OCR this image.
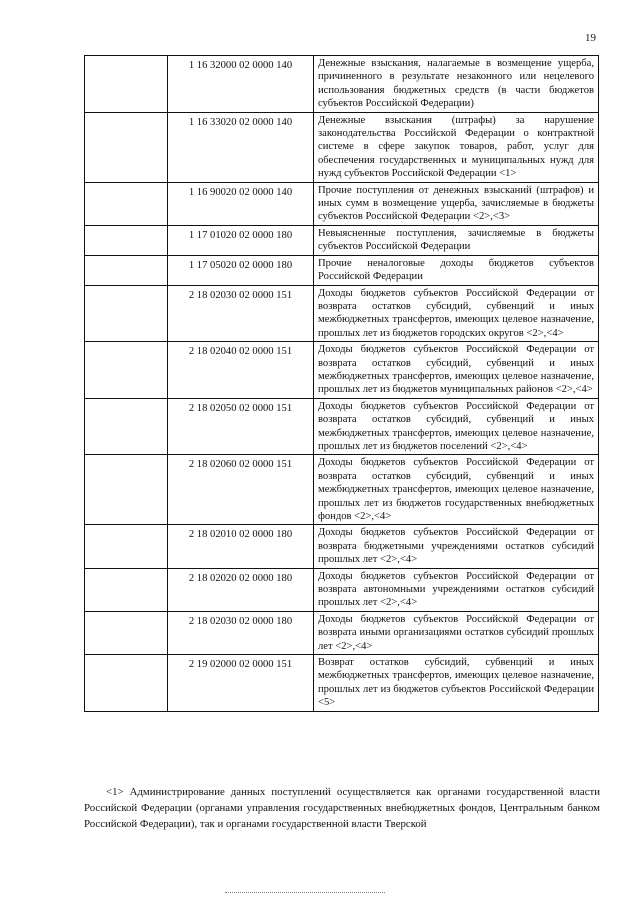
19
	1 16 32000 02 0000 140	Денежные взыскания, налагаемые в возмещение ущерба, причиненного в результате незаконного или нецелевого использования бюджетных средств (в части бюджетов субъектов Российской Федерации)
	1 16 33020 02 0000 140	Денежные взыскания (штрафы) за нарушение законодательства Российской Федерации о контрактной системе в сфере закупок товаров, работ, услуг для обеспечения государственных и муниципальных нужд для нужд субъектов Российской Федерации <1>
	1 16 90020 02 0000 140	Прочие поступления от денежных взысканий (штрафов) и иных сумм в возмещение ущерба, зачисляемые в бюджеты субъектов Российской Федерации <2>,<3>
	1 17 01020 02 0000 180	Невыясненные поступления, зачисляемые в бюджеты субъектов Российской Федерации
	1 17 05020 02 0000 180	Прочие неналоговые доходы бюджетов субъектов Российской Федерации
	2 18 02030 02 0000 151	Доходы бюджетов субъектов Российской Федерации от возврата остатков субсидий, субвенций и иных межбюджетных трансфертов, имеющих целевое назначение, прошлых лет из бюджетов городских округов <2>,<4>
	2 18 02040 02 0000 151	Доходы бюджетов субъектов Российской Федерации от возврата остатков субсидий, субвенций и иных межбюджетных трансфертов, имеющих целевое назначение, прошлых лет из бюджетов муниципальных районов <2>,<4>
	2 18 02050 02 0000 151	Доходы бюджетов субъектов Российской Федерации от возврата остатков субсидий, субвенций и иных межбюджетных трансфертов, имеющих целевое назначение, прошлых лет из бюджетов поселений <2>,<4>
	2 18 02060 02 0000 151	Доходы бюджетов субъектов Российской Федерации от возврата остатков субсидий, субвенций и иных межбюджетных трансфертов, имеющих целевое назначение, прошлых лет из бюджетов государственных внебюджетных фондов <2>,<4>
	2 18 02010 02 0000 180	Доходы бюджетов субъектов Российской Федерации от возврата бюджетными учреждениями остатков субсидий прошлых лет <2>,<4>
	2 18 02020 02 0000 180	Доходы бюджетов субъектов Российской Федерации от возврата автономными учреждениями остатков субсидий прошлых лет <2>,<4>
	2 18 02030 02 0000 180	Доходы бюджетов субъектов Российской Федерации от возврата иными организациями остатков субсидий прошлых лет <2>,<4>
	2 19 02000 02 0000 151	Возврат остатков субсидий, субвенций и иных межбюджетных трансфертов, имеющих целевое назначение, прошлых лет из бюджетов субъектов Российской Федерации <5>
<1> Администрирование данных поступлений осуществляется как органами государственной власти Российской Федерации (органами управления государственных внебюджетных фондов, Центральным банком Российской Федерации), так и органами государственной власти Тверской
